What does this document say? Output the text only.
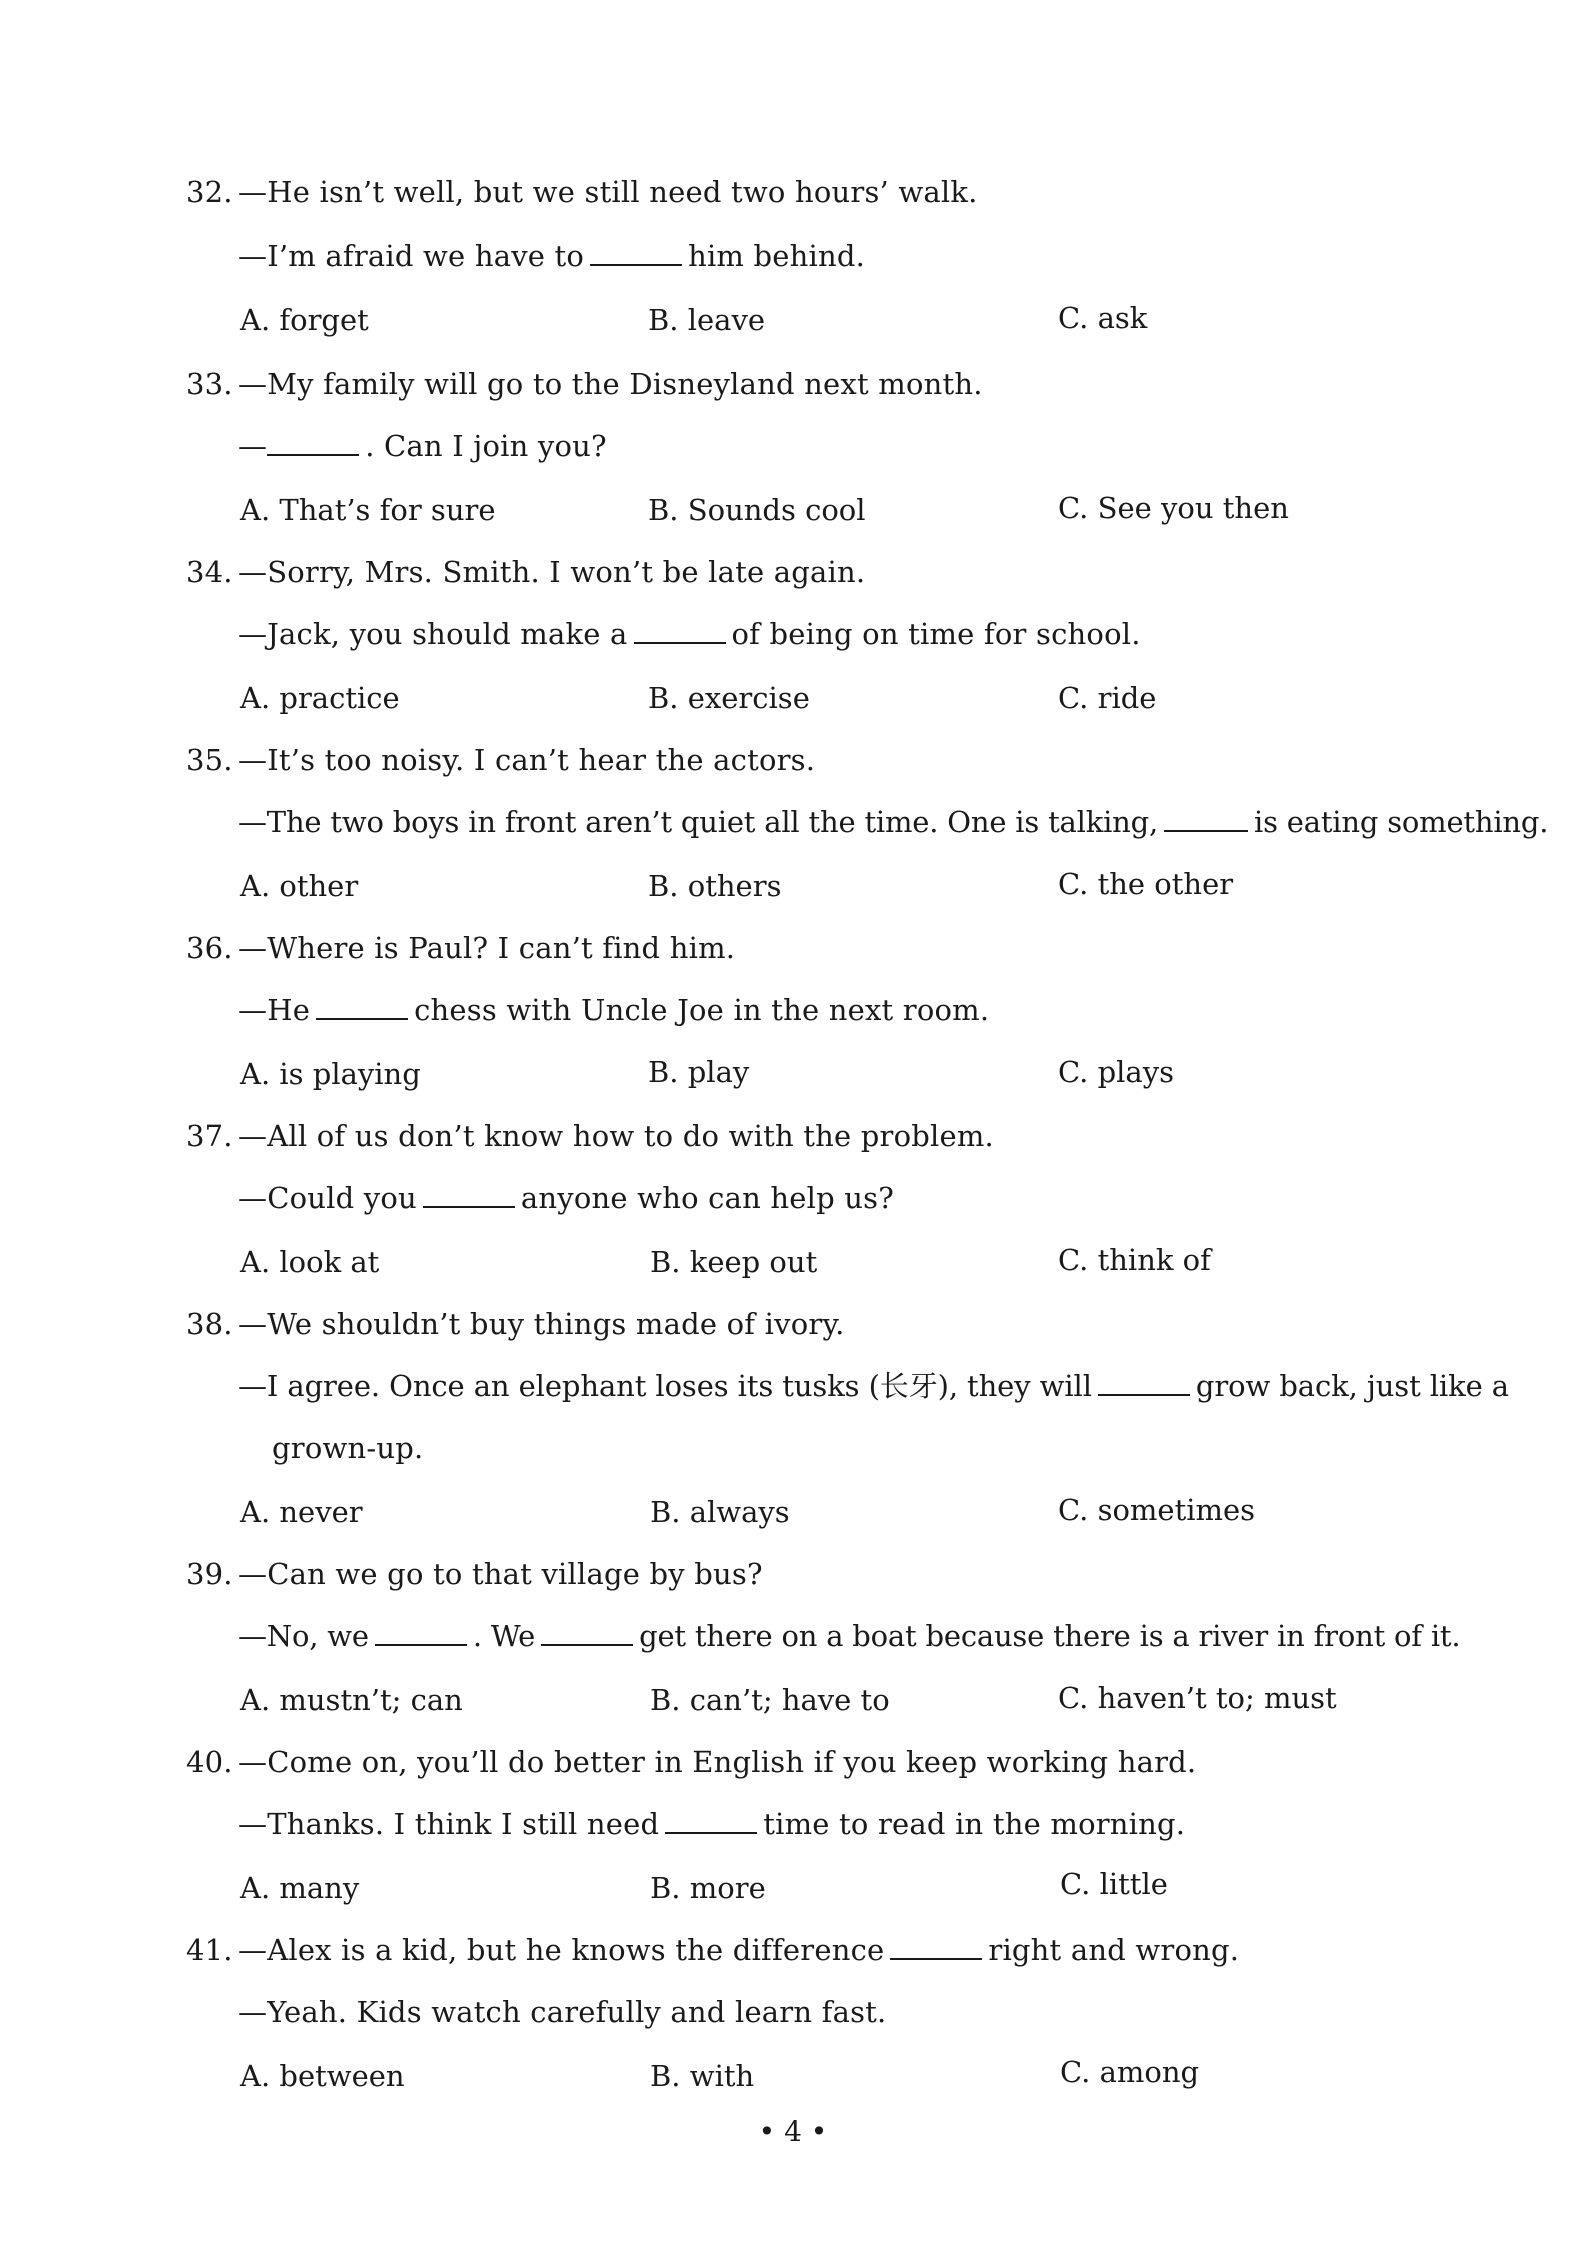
32. —He isn’t well, but we still need two hours’ walk.
—I’m afraid we have to	him behind.
A. forget	B. leave	C. ask
33. —My family will go to the Disneyland next month.
—	. Can I join you?
A. That’s for sure	B. Sounds cool	C. See you then
34. —Sorry, Mrs. Smith. I won’t be late again.
—Jack, you should make a	of being on time for school.
A. practice	B. exercise	C. ride
35. —It’s too noisy. I can’t hear the actors.
—The two boys in front aren’t quiet all the time. One is talking,	is eating something.
A. other	B. others	C. the other
36. —Where is Paul? I can’t find him.
—He	chess with Uncle Joe in the next room.
A. is playing	B. play	C. plays
37. —All of us don’t know how to do with the problem.
—Could you	anyone who can help us?
A. look at	B. keep out	C. think of
38. —We shouldn’t buy things made of ivory.
—I agree. Once an elephant loses its tusks (长牙), they will	grow back, just like a
grown-up.
A. never	B. always	C. sometimes
39. —Can we go to that village by bus?
—No, we	. We	get there on a boat because there is a river in front of it.
A. mustn’t; can	B. can’t; have to	C. haven’t to; must
40. —Come on, you’ll do better in English if you keep working hard.
—Thanks. I think I still need	time to read in the morning.
A. many	B. more	C. little
41. —Alex is a kid, but he knows the difference	right and wrong.
—Yeah. Kids watch carefully and learn fast.
A. between	B. with	C. among
• 4 •
